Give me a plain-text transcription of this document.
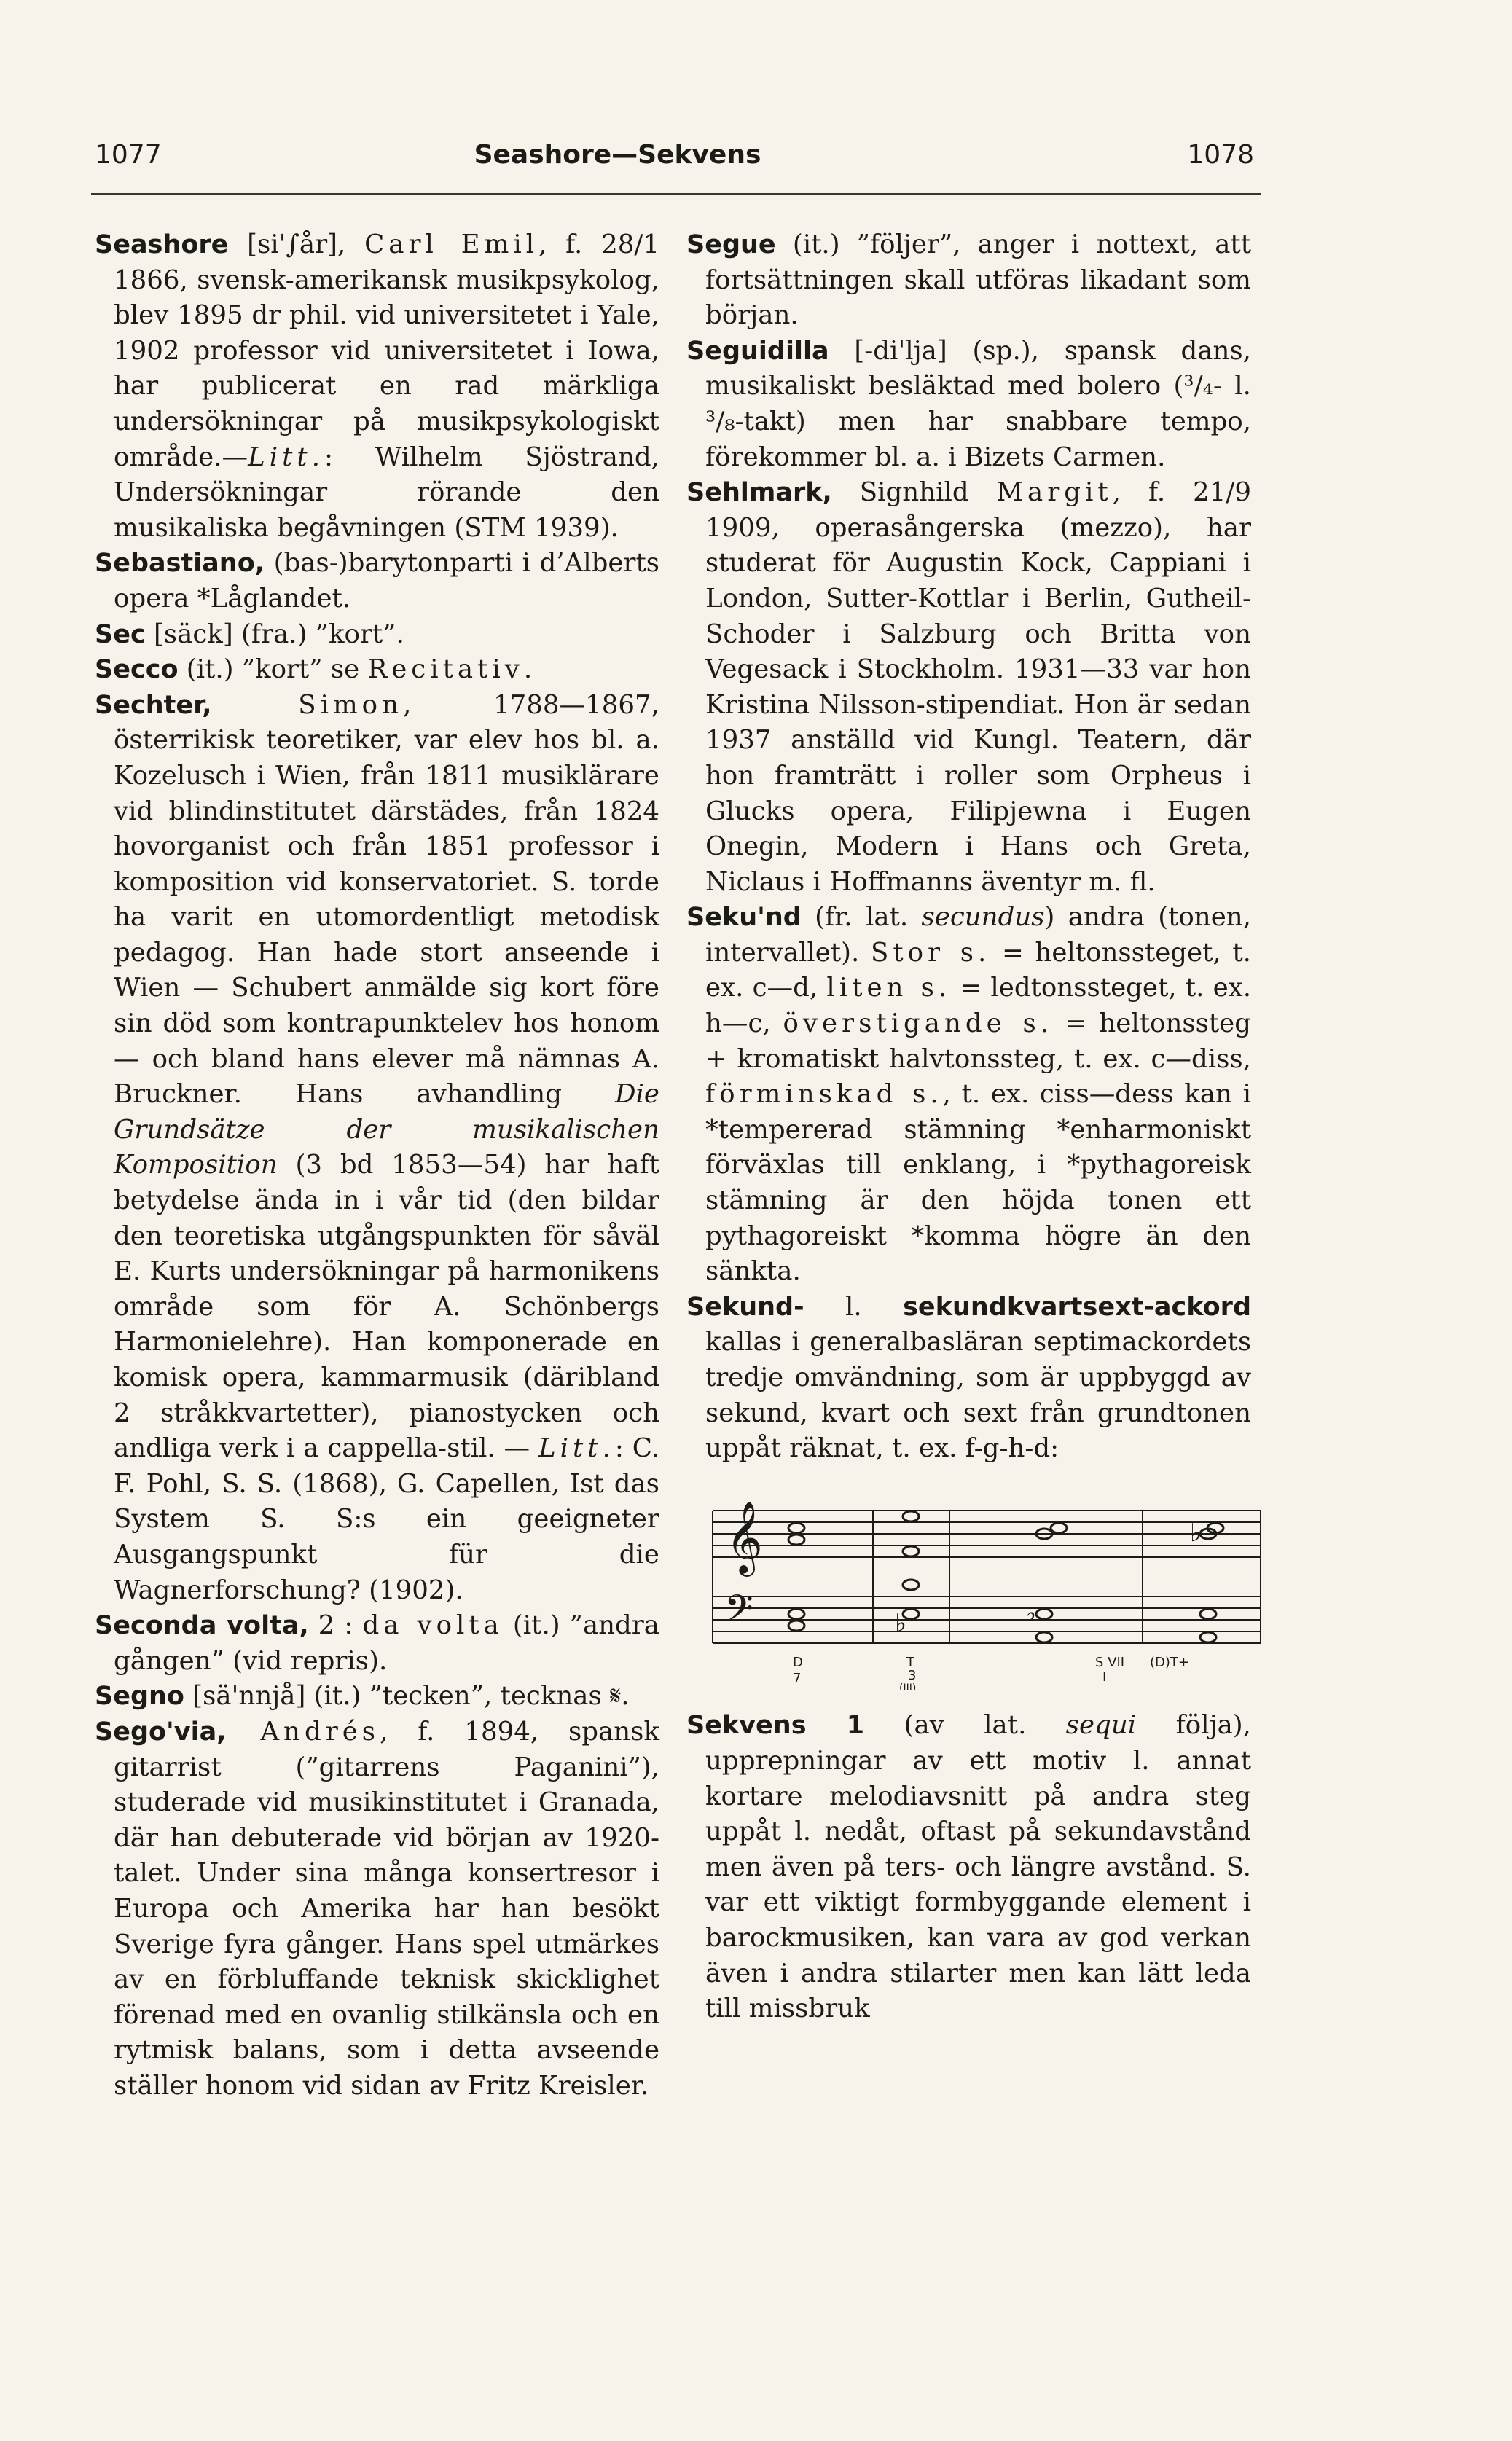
1077	Seashore—Sekvens	1078

Seashore [si'∫år], Carl Emil, f. 28/1 1866, svensk-amerikansk musikpsykolog, blev 1895 dr phil. vid universitetet i Yale, 1902 professor vid universitetet i Iowa, har publicerat en rad märkliga undersökningar på musikpsykologiskt område.—Litt.: Wilhelm Sjöstrand, Undersökningar rörande den musikaliska begåvningen (STM 1939).

Sebastiano, (bas-)barytonparti i d’Alberts opera *Låglandet.

Sec [säck] (fra.) ”kort”.

Secco (it.) ”kort” se Recitativ.

Sechter, Simon, 1788—1867, österrikisk teoretiker, var elev hos bl. a. Kozelusch i Wien, från 1811 musiklärare vid blindinstitutet därstädes, från 1824 hovorganist och från 1851 professor i komposition vid konservatoriet. S. torde ha varit en utomordentligt metodisk pedagog. Han hade stort anseende i Wien — Schubert anmälde sig kort före sin död som kontrapunktelev hos honom — och bland hans elever må nämnas A. Bruckner. Hans avhandling Die Grundsätze der musikalischen Komposition (3 bd 1853—54) har haft betydelse ända in i vår tid (den bildar den teoretiska utgångspunkten för såväl E. Kurts undersökningar på harmonikens område som för A. Schönbergs Harmonielehre). Han komponerade en komisk opera, kammarmusik (däribland 2 stråkkvartetter), pianostycken och andliga verk i a cappella-stil. — Litt.: C. F. Pohl, S. S. (1868), G. Capellen, Ist das System S. S:s ein geeigneter Ausgangspunkt für die Wagnerforschung? (1902).

Seconda volta, 2 : da volta (it.) ”andra gången” (vid repris).

Segno [sä'nnjå] (it.) ”tecken”, tecknas 𝄋.

Sego'via, Andrés, f. 1894, spansk gitarrist (”gitarrens Paganini”), studerade vid musikinstitutet i Granada, där han debuterade vid början av 1920-talet. Under sina många konsertresor i Europa och Amerika har han besökt Sverige fyra gånger. Hans spel utmärkes av en förbluffande teknisk skicklighet förenad med en ovanlig stilkänsla och en rytmisk balans, som i detta avseende ställer honom vid sidan av Fritz Kreisler.

Segue (it.) ”följer”, anger i nottext, att fortsättningen skall utföras likadant som början.

Seguidilla [-di'lja] (sp.), spansk dans, musikaliskt besläktad med bolero (³/₄- l. ³/₈-takt) men har snabbare tempo, förekommer bl. a. i Bizets Carmen.

Sehlmark, Signhild Margit, f. 21/9 1909, operasångerska (mezzo), har studerat för Augustin Kock, Cappiani i London, Sutter-Kottlar i Berlin, Gutheil-Schoder i Salzburg och Britta von Vegesack i Stockholm. 1931—33 var hon Kristina Nilsson-stipendiat. Hon är sedan 1937 anställd vid Kungl. Teatern, där hon framträtt i roller som Orpheus i Glucks opera, Filipjewna i Eugen Onegin, Modern i Hans och Greta, Niclaus i Hoffmanns äventyr m. fl.

Seku'nd (fr. lat. secundus) andra (tonen, intervallet). Stor s. = heltonssteget, t. ex. c—d, liten s. = ledtonssteget, t. ex. h—c, överstigande s. = heltonssteg + kromatiskt halvtonssteg, t. ex. c—diss, förminskad s., t. ex. ciss—dess kan i *tempererad stämning *enharmoniskt förväxlas till enklang, i *pythagoreisk stämning är den höjda tonen ett pythagoreiskt *komma högre än den sänkta.

Sekund- l. sekundkvartsext-ackord kallas i generalbasläran septimackordets tredje omvändning, som är uppbyggd av sekund, kvart och sext från grundtonen uppåt räknat, t. ex. f-g-h-d:

𝄞
𝄢	♭	♭
♭
D
7
T
3
(III)
S VII
I
(D)T+

Sekvens 1 (av lat. sequi följa), upprepningar av ett motiv l. annat kortare melodiavsnitt på andra steg uppåt l. nedåt, oftast på sekundavstånd men även på ters- och längre avstånd. S. var ett viktigt formbyggande element i barockmusiken, kan vara av god verkan även i andra stilarter men kan lätt leda till missbruk
